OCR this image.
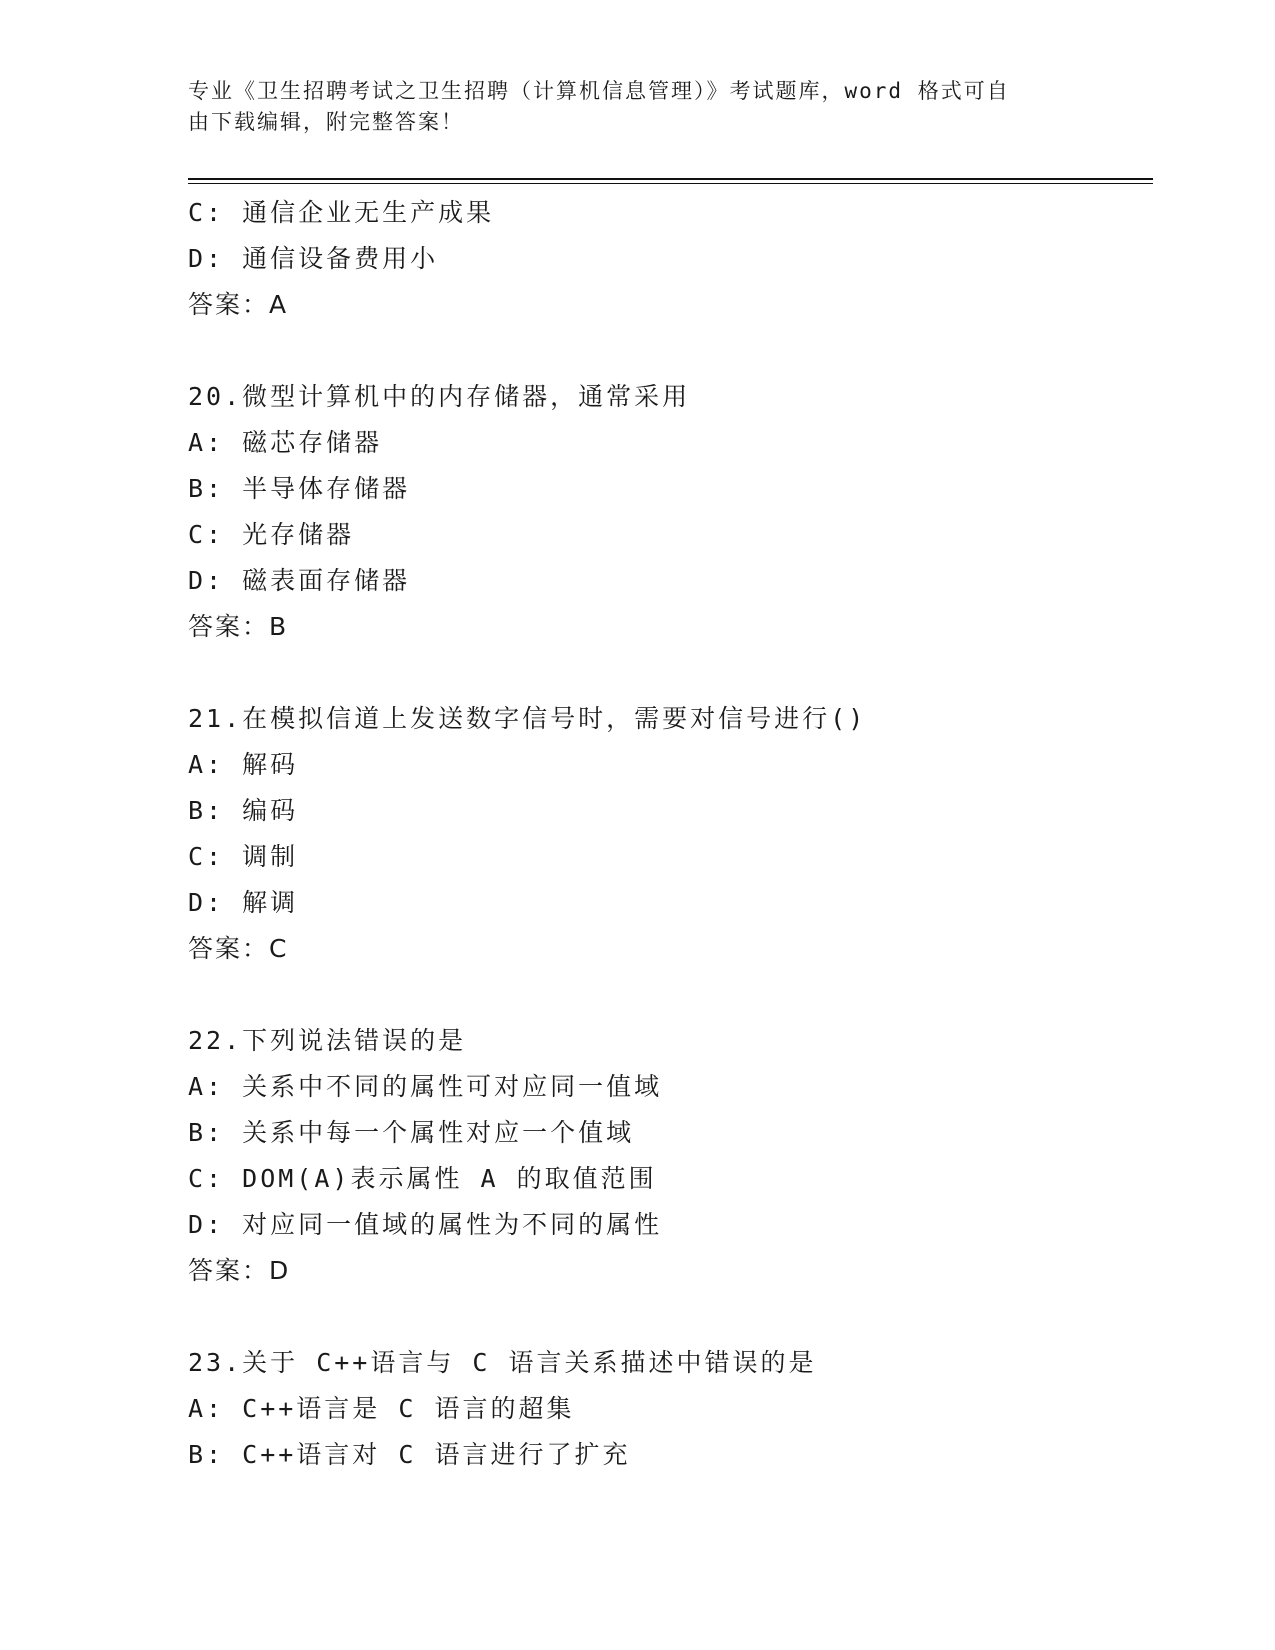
专业《卫生招聘考试之卫生招聘（计算机信息管理）》考试题库，word 格式可自
由下载编辑，附完整答案！
C: 通信企业无生产成果
D: 通信设备费用小
答案：A
20.微型计算机中的内存储器，通常采用
A: 磁芯存储器
B: 半导体存储器
C: 光存储器
D: 磁表面存储器
答案：B
21.在模拟信道上发送数字信号时，需要对信号进行()
A: 解码
B: 编码
C: 调制
D: 解调
答案：C
22.下列说法错误的是
A: 关系中不同的属性可对应同一值域
B: 关系中每一个属性对应一个值域
C: DOM(A)表示属性 A 的取值范围
D: 对应同一值域的属性为不同的属性
答案：D
23.关于 C++语言与 C 语言关系描述中错误的是
A: C++语言是 C 语言的超集
B: C++语言对 C 语言进行了扩充
